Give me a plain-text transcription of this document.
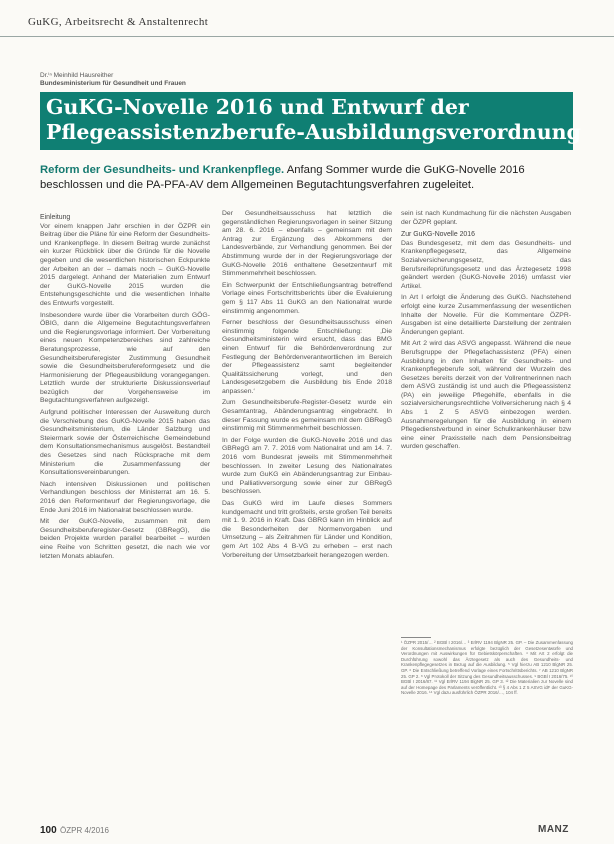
GuKG, Arbeitsrecht & Anstaltenrecht
Dr.ⁱⁿ Meinhild Hausreither
Bundesministerium für Gesundheit und Frauen
GuKG-Novelle 2016 und Entwurf der
Pflegeassistenzberufe-Ausbildungsverordnung
Reform der Gesundheits- und Krankenpflege. Anfang Sommer wurde die GuKG-Novelle 2016 beschlossen und die PA-PFA-AV dem Allgemeinen Begutachtungsverfahren zugeleitet.
Einleitung

Vor einem knappen Jahr erschien in der ÖZPR ein Beitrag über die Pläne für eine Reform der Gesundheits- und Krankenpflege. In diesem Beitrag wurde zunächst ein kurzer Rückblick über die Gründe für die Novelle gegeben und die wesentlichen historischen Eckpunkte der Arbeiten an der – damals noch – GuKG-Novelle 2015 dargelegt. Anhand der Materialien zum Entwurf der GuKG-Novelle 2015 wurden die Entstehungsgeschichte und die wesentlichen Inhalte des Entwurfs vorgestellt.

Insbesondere wurde über die Vorarbeiten durch GÖG-ÖBIG, dann die Allgemeine Begutachtungsverfahren und die Regierungsvorlage informiert. Der Vorbereitung eines neuen Kompetenzbereiches sind zahlreiche Beratungsprozesse, wie auf den Gesundheitsberuferegister Zustimmung Gesundheit sowie die Gesundheitsberufereformgesetz und die Harmonisierung der Pflegeausbildung vorangegangen. Letztlich wurde der strukturierte Diskussionsverlauf bezüglich der Vorgehensweise im Begutachtungsverfahren aufgezeigt.

Aufgrund politischer Interessen der Ausweitung durch die Verschiebung des GuKG-Novelle 2015 haben das Gesundheitsministerium, die Länder Salzburg und Steiermark sowie der Österreichische Gemeindebund dem Konsultationsmechanismus ausgelöst. Bestandteil des Gesetzes sind nach Rücksprache mit dem Ministerium die Zusammenfassung der Konsultationsvereinbarungen.

Nach intensiven Diskussionen und politischen Verhandlungen beschloss der Ministerrat am 16. 5. 2016 den Reformentwurf der Regierungsvorlage, die Ende Juni 2016 im Nationalrat beschlossen wurde.

Mit der GuKG-Novelle, zusammen mit dem Gesundheitsberuferegister-Gesetz (GBRegG), die beiden Projekte wurden parallel bearbeitet – wurden eine Reihe von Schritten gesetzt, die nach wie vor letzten Monats ablaufen.

Der Gesundheitsausschuss hat letztlich die gegenständlichen Regierungsvorlagen in seiner Sitzung am 28. 6. 2016 – ebenfalls – gemeinsam mit dem Antrag zur Ergänzung des Abkommens der Landesverbände, zur Verhandlung genommen. Bei der Abstimmung wurde der in der Regierungsvorlage der GuKG-Novelle 2016 enthaltene Gesetzentwurf mit Stimmenmehrheit beschlossen.

Ein Schwerpunkt der Entschließungsantrag betreffend Vorlage eines Fortschrittsberichts über die Evaluierung gem § 117 Abs 11 GuKG an den Nationalrat wurde einstimmig angenommen.

Ferner beschloss der Gesundheitsausschuss einen einstimmig folgende Entschließung: ‚Die Gesundheitsministerin wird ersucht, dass das BMG einen Entwurf für die Behördenverordnung zur Festlegung der Behördenverantwortlichen im Bereich der Pflegeassistenz samt begleitender Qualitätssicherung vorlegt, und den Landesgesetzgebern die Ausbildung bis Ende 2018 anpassen.‘

Zum Gesundheitsberufe-Register-Gesetz wurde ein Gesamtantrag, Abänderungsantrag eingebracht. In dieser Fassung wurde es gemeinsam mit dem GBRegG einstimmig mit Stimmenmehrheit beschlossen.

In der Folge wurden die GuKG-Novelle 2016 und das GBRegG am 7. 7. 2016 vom Nationalrat und am 14. 7. 2016 vom Bundesrat jeweils mit Stimmenmehrheit beschlossen. In zweiter Lesung des Nationalrates wurde zum GuKG ein Abänderungsantrag zur Einbau- und Palliativversorgung sowie einer zur GBRegG beschlossen.

Das GuKG wird im Laufe dieses Sommers kundgemacht und tritt großteils, erste großen Teil bereits mit 1. 9. 2016 in Kraft. Das GBRG kann im Hinblick auf die Besonderheiten der Normenvorgaben und Umsetzung – als Zeitrahmen für Länder und Kondition, gem Art 102 Abs 4 B-VG zu erheben – erst nach Vorbereitung der Umsetzbarkeit herangezogen werden.

sein ist nach Kundmachung für die nächsten Ausgaben der ÖZPR geplant.

Zur GuKG-Novelle 2016

Das Bundesgesetz, mit dem das Gesundheits- und Krankenpflegegesetz, das Allgemeine Sozialversicherungsgesetz, das Berufsreifeprüfungsgesetz und das Ärztegesetz 1998 geändert werden (GuKG-Novelle 2016) umfasst vier Artikel.

In Art I erfolgt die Änderung des GuKG. Nachstehend erfolgt eine kurze Zusammenfassung der wesentlichen Inhalte der Novelle. Für die Kommentare ÖZPR-Ausgaben ist eine detaillierte Darstellung der zentralen Änderungen geplant.

Mit Art 2 wird das ASVG angepasst. Während die neue Berufsgruppe der Pflegefachassistenz (PFA) einen Ausbildung in den Inhalten für Gesundheits- und Krankenpflegeberufe soll, während der Wurzeln des Gesetzes bereits derzeit von der Vollrentnerinnen nach dem ASVG zuständig ist und auch die Pflegeassistenz (PA) ein jeweilige Pflegehilfe, ebenfalls in die sozialversicherungsrechtliche Vollversicherung nach § 4 Abs 1 Z 5 ASVG einbezogen werden. Ausnahmeregelungen für die Ausbildung in einem Pflegedienstverbund in einer Schulkrankenhäuser bzw eine einer Praxisstelle nach dem Pensionsbeitrag wurden geschaffen.

¹ ÖZPR 2015/… ² BGBl I 2016/… ³ ErlRV 1194 BlgNR 25. GP. – Die Zusammenfassung der Konsultationsmechanismus erfolgte bezüglich der Gesetzesentwürfe und Verordnungen mit Auswirkungen für Gebietskörperschaften. ⁴ Mit Art 2 erfolgt die Durchführung sowohl das Ärztegesetz als auch des Gesundheits- und Krankenpflegegesetzes in Bezug auf die Ausbildung. ⁵ Vgl hierzu AB 1210 BlgNR 25. GP. ⁶ Die Entschließung betreffend Vorlage eines Fortschrittsberichts. ⁷ AB 1210 BlgNR 25. GP 2. ⁸ Vgl Protokoll der Sitzung des Gesundheitsausschusses. ⁹ BGBl I 2016/75. ¹⁰ BGBl I 2016/87. ¹¹ Vgl ErlRV 1194 BlgNR 25. GP 3. ¹² Die Materialien zur Novelle sind auf der Homepage des Parlaments veröffentlicht. ¹³ § 4 Abs 1 Z 5 ASVG idF der GuKG-Novelle 2016. ¹⁴ Vgl dazu ausführlich ÖZPR 2016/…, 104 ff.

100 ÖZPR 4/2016	MANZ
